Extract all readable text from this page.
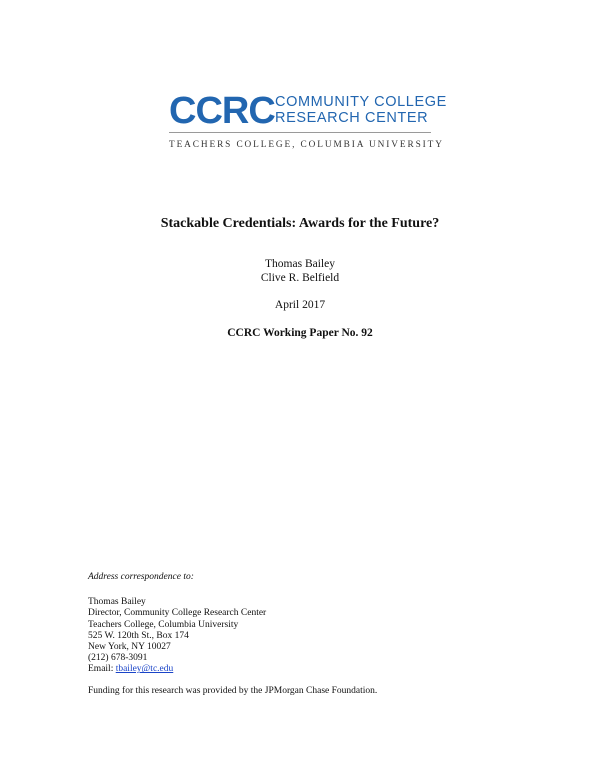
CCRC COMMUNITY COLLEGE
RESEARCH CENTER
TEACHERS COLLEGE, COLUMBIA UNIVERSITY
Stackable Credentials: Awards for the Future?
Thomas Bailey
Clive R. Belfield
April 2017
CCRC Working Paper No. 92
Address correspondence to:
Thomas Bailey
Director, Community College Research Center
Teachers College, Columbia University
525 W. 120th St., Box 174
New York, NY 10027
(212) 678-3091
Email: tbailey@tc.edu
Funding for this research was provided by the JPMorgan Chase Foundation.
